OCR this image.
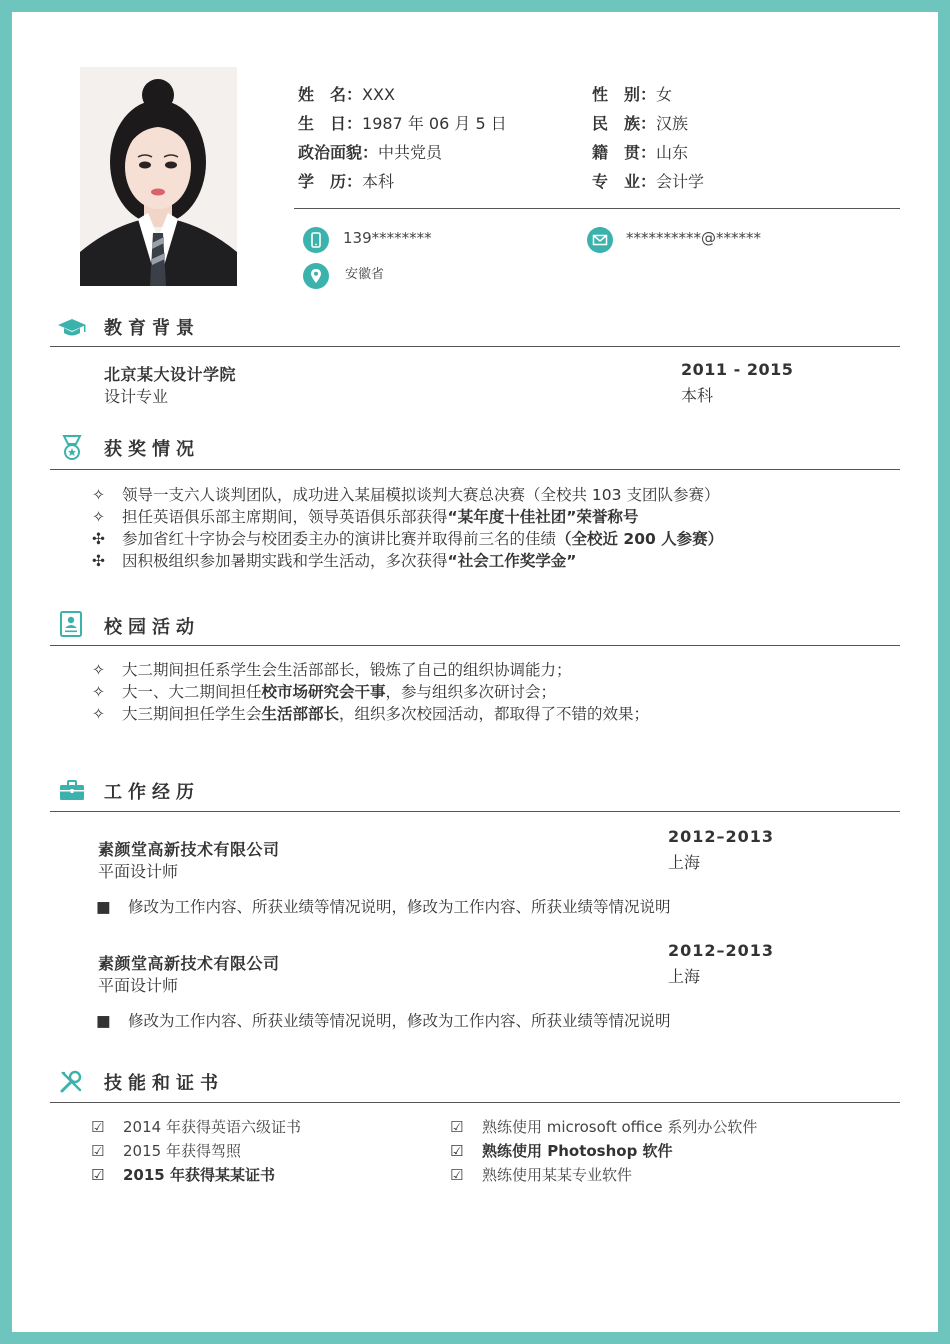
姓　名：XXX
生　日：1987 年 06 月 5 日
政治面貌：中共党员
学　历：本科
性　别：女
民　族：汉族
籍　贯：山东
专　业：会计学
139********	**********@******
安徽省
教育背景
北京某大设计学院
设计专业
2011 - 2015
本科
获奖情况
✧ 领导一支六人谈判团队，成功进入某届模拟谈判大赛总决赛（全校共 103 支团队参赛）
✧ 担任英语俱乐部主席期间，领导英语俱乐部获得“某年度十佳社团”荣誉称号
✣ 参加省红十字协会与校团委主办的演讲比赛并取得前三名的佳绩（全校近 200 人参赛）
✣ 因积极组织参加暑期实践和学生活动，多次获得“社会工作奖学金”
校园活动
✧ 大二期间担任系学生会生活部部长，锻炼了自己的组织协调能力；
✧ 大一、大二期间担任校市场研究会干事，参与组织多次研讨会；
✧ 大三期间担任学生会生活部部长，组织多次校园活动，都取得了不错的效果；
工作经历
素颜堂高新技术有限公司
平面设计师
2012–2013
上海
■ 修改为工作内容、所获业绩等情况说明，修改为工作内容、所获业绩等情况说明
素颜堂高新技术有限公司
平面设计师
2012–2013
上海
■ 修改为工作内容、所获业绩等情况说明，修改为工作内容、所获业绩等情况说明
技能和证书
☑ 2014 年获得英语六级证书
☑ 2015 年获得驾照
☑ 2015 年获得某某证书
☑ 熟练使用 microsoft office 系列办公软件
☑ 熟练使用 Photoshop 软件
☑ 熟练使用某某专业软件
